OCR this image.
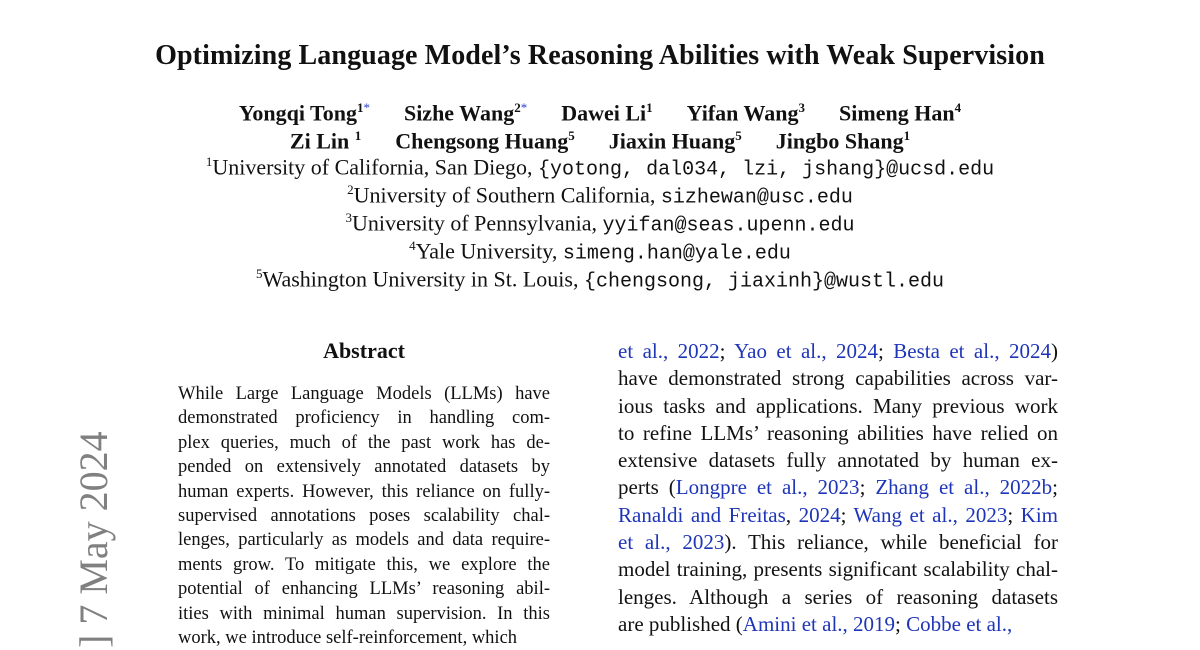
Optimizing Language Model’s Reasoning Abilities with Weak Supervision
Yongqi Tong$^{1*}$ Sizhe Wang$^{2*}$ Dawei Li$^1$ Yifan Wang$^3$ Simeng Han$^4$
Zi Lin $^1$ Chengsong Huang$^5$ Jiaxin Huang$^5$ Jingbo Shang$^1$
$^1$University of California, San Diego, {yotong, dal034, lzi, jshang}@ucsd.edu
$^2$University of Southern California, sizhewan@usc.edu
$^3$University of Pennsylvania, yyifan@seas.upenn.edu
$^4$Yale University, simeng.han@yale.edu
$^5$Washington University in St. Louis, {chengsong, jiaxinh}@wustl.edu
Abstract
While Large Language Models (LLMs) have
demonstrated proficiency in handling com-
plex queries, much of the past work has de-
pended on extensively annotated datasets by
human experts. However, this reliance on fully-
supervised annotations poses scalability chal-
lenges, particularly as models and data require-
ments grow. To mitigate this, we explore the
potential of enhancing LLMs’ reasoning abil-
ities with minimal human supervision. In this
work, we introduce self-reinforcement, which
et al., 2022; Yao et al., 2024; Besta et al., 2024)
have demonstrated strong capabilities across var-
ious tasks and applications. Many previous work
to refine LLMs’ reasoning abilities have relied on
extensive datasets fully annotated by human ex-
perts (Longpre et al., 2023; Zhang et al., 2022b;
Ranaldi and Freitas, 2024; Wang et al., 2023; Kim
et al., 2023). This reliance, while beneficial for
model training, presents significant scalability chal-
lenges. Although a series of reasoning datasets
are published (Amini et al., 2019; Cobbe et al.,
] 7 May 2024
